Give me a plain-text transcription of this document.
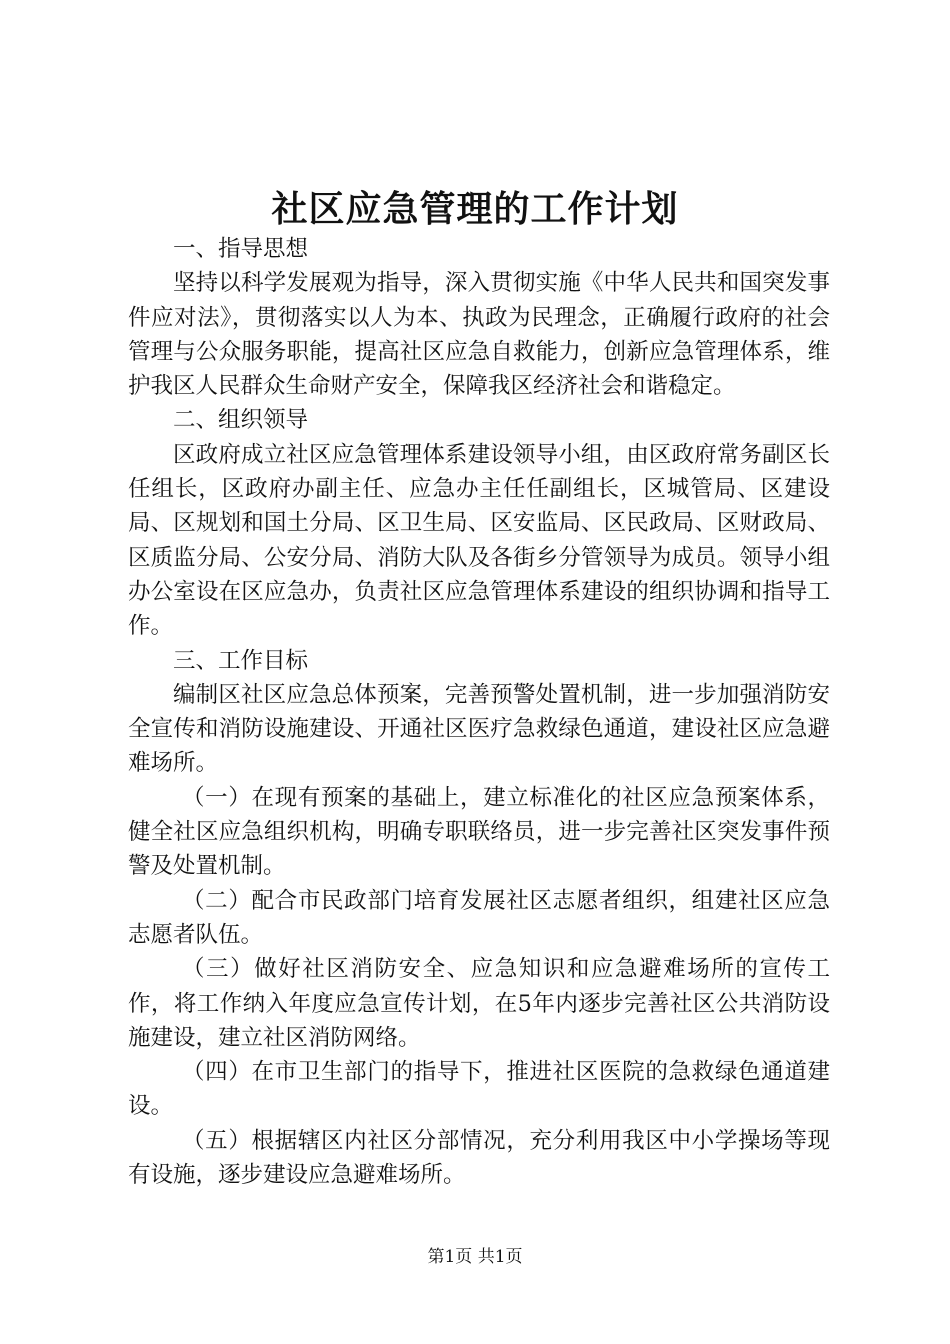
社区应急管理的工作计划

一、指导思想

坚持以科学发展观为指导，深入贯彻实施《中华人民共和国突发事件应对法》，贯彻落实以人为本、执政为民理念，正确履行政府的社会管理与公众服务职能，提高社区应急自救能力，创新应急管理体系，维护我区人民群众生命财产安全，保障我区经济社会和谐稳定。

二、组织领导

区政府成立社区应急管理体系建设领导小组，由区政府常务副区长任组长，区政府办副主任、应急办主任任副组长，区城管局、区建设局、区规划和国土分局、区卫生局、区安监局、区民政局、区财政局、区质监分局、公安分局、消防大队及各街乡分管领导为成员。领导小组办公室设在区应急办，负责社区应急管理体系建设的组织协调和指导工作。

三、工作目标

编制区社区应急总体预案，完善预警处置机制，进一步加强消防安全宣传和消防设施建设、开通社区医疗急救绿色通道，建设社区应急避难场所。

（一）在现有预案的基础上，建立标准化的社区应急预案体系，健全社区应急组织机构，明确专职联络员，进一步完善社区突发事件预警及处置机制。

（二）配合市民政部门培育发展社区志愿者组织，组建社区应急志愿者队伍。

（三）做好社区消防安全、应急知识和应急避难场所的宣传工作，将工作纳入年度应急宣传计划，在5年内逐步完善社区公共消防设施建设，建立社区消防网络。

（四）在市卫生部门的指导下，推进社区医院的急救绿色通道建设。

（五）根据辖区内社区分部情况，充分利用我区中小学操场等现有设施，逐步建设应急避难场所。

第1页 共1页
